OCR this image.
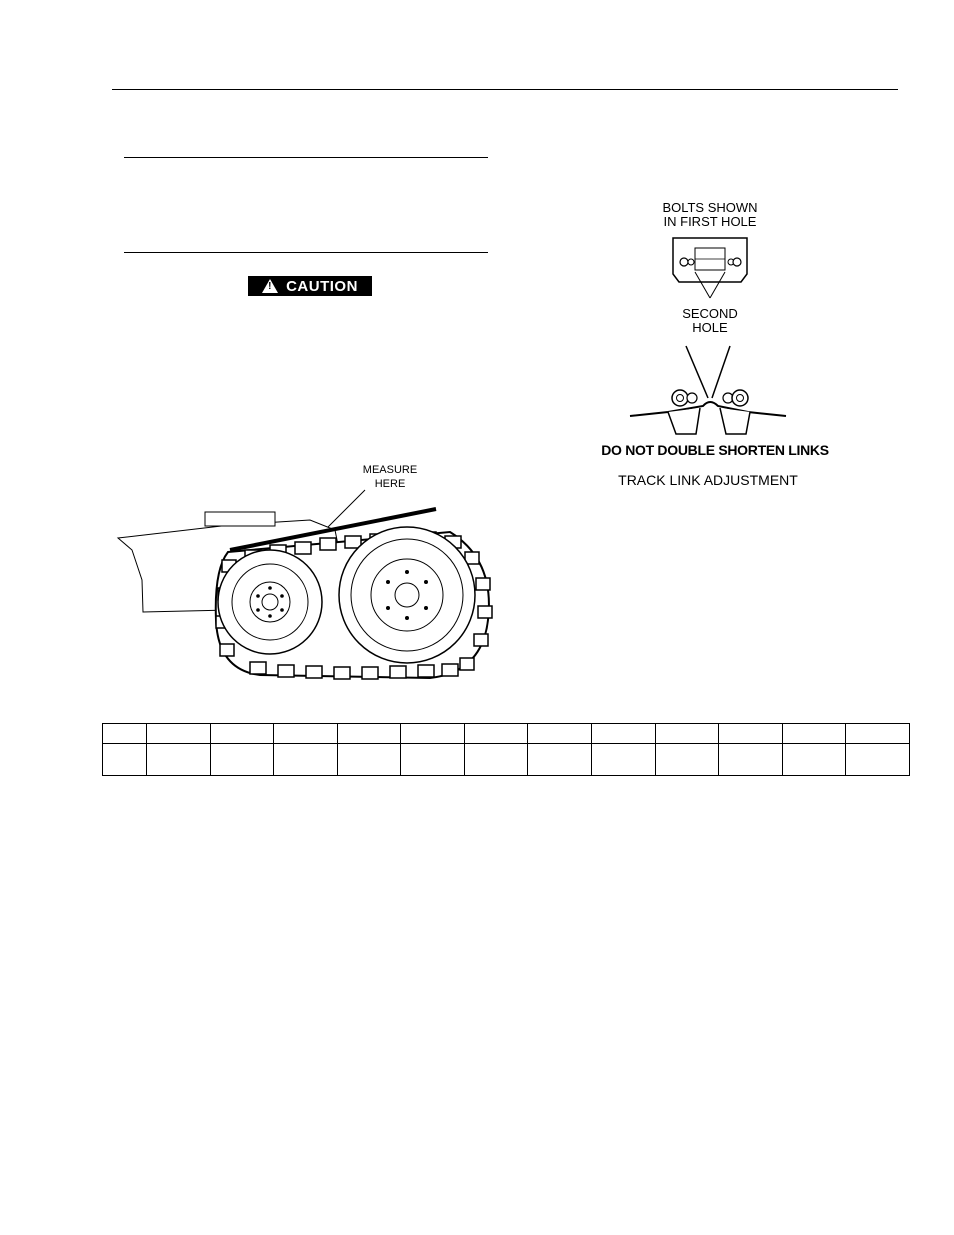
! CAUTION
MEASURE
HERE
BOLTS SHOWN
IN FIRST HOLE
SECOND
HOLE
DO NOT DOUBLE SHORTEN LINKS
TRACK LINK ADJUSTMENT
